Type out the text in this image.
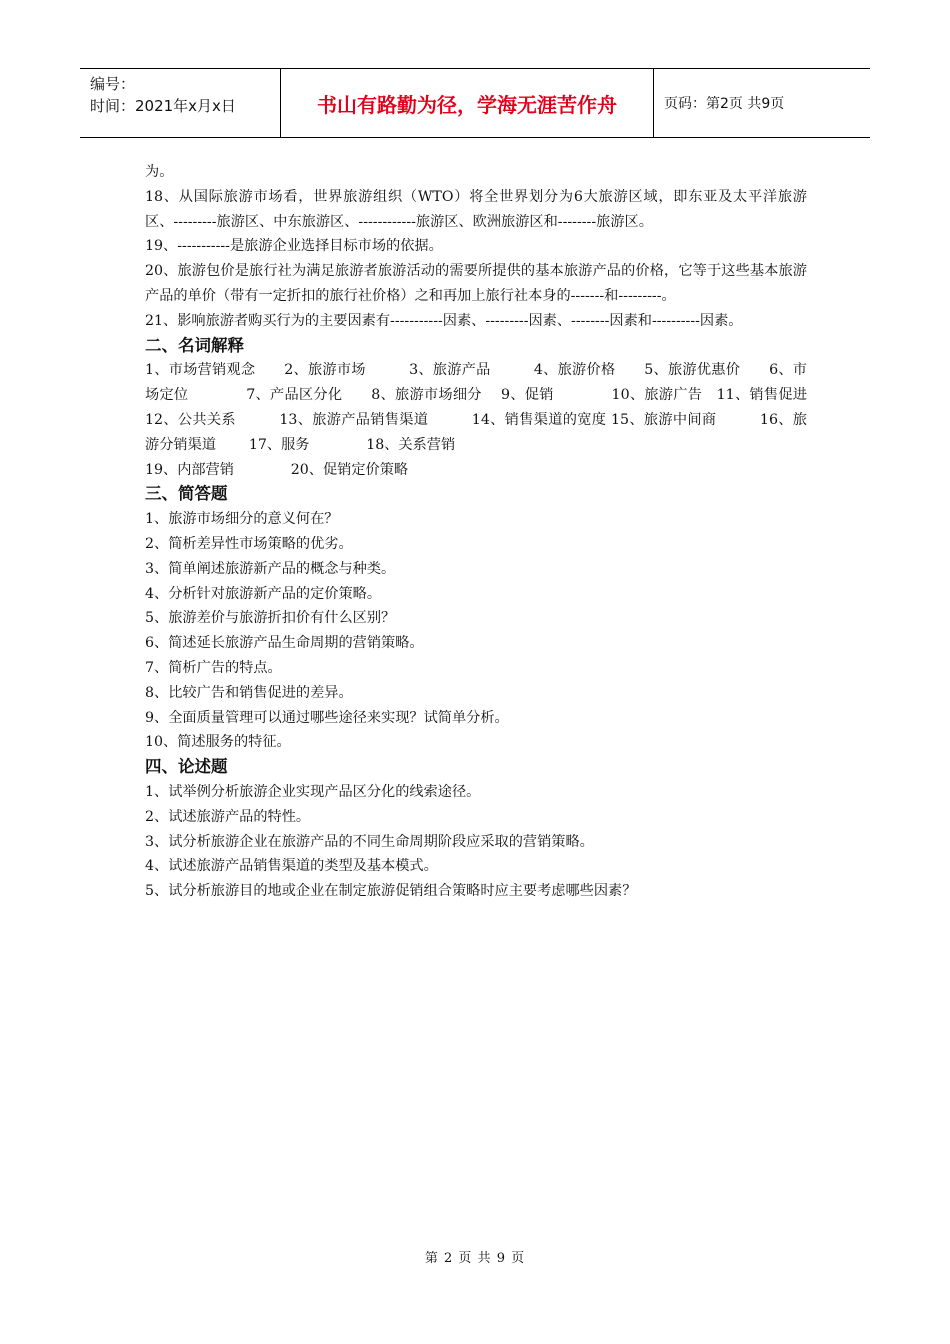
编号：
时间：2021年x月x日	书山有路勤为径，学海无涯苦作舟	页码：第2页 共9页

为。

18、从国际旅游市场看，世界旅游组织（WTO）将全世界划分为6大旅游区域，即东亚及太平洋旅游区、---------旅游区、中东旅游区、------------旅游区、欧洲旅游区和--------旅游区。

19、-----------是旅游企业选择目标市场的依据。

20、旅游包价是旅行社为满足旅游者旅游活动的需要所提供的基本旅游产品的价格，它等于这些基本旅游产品的单价（带有一定折扣的旅行社价格）之和再加上旅行社本身的-------和---------。

21、影响旅游者购买行为的主要因素有-----------因素、---------因素、--------因素和----------因素。

二、名词解释

1、市场营销观念　　2、旅游市场　　　3、旅游产品　　　4、旅游价格　　5、旅游优惠价　　6、市场定位　　　　7、产品区分化　　8、旅游市场细分　 9、促销　　　　10、旅游广告　11、销售促进　　　12、公共关系　　　13、旅游产品销售渠道　　　14、销售渠道的宽度 15、旅游中间商　　　16、旅游分销渠道　　 17、服务　　　　18、关系营销

19、内部营销　　　　20、促销定价策略

三、简答题

1、旅游市场细分的意义何在？

2、简析差异性市场策略的优劣。

3、简单阐述旅游新产品的概念与种类。

4、分析针对旅游新产品的定价策略。

5、旅游差价与旅游折扣价有什么区别？

6、简述延长旅游产品生命周期的营销策略。

7、简析广告的特点。

8、比较广告和销售促进的差异。

9、全面质量管理可以通过哪些途径来实现？试简单分析。

10、简述服务的特征。

四、论述题

1、试举例分析旅游企业实现产品区分化的线索途径。

2、试述旅游产品的特性。

3、试分析旅游企业在旅游产品的不同生命周期阶段应采取的营销策略。

4、试述旅游产品销售渠道的类型及基本模式。

5、试分析旅游目的地或企业在制定旅游促销组合策略时应主要考虑哪些因素？

第 2 页 共 9 页
